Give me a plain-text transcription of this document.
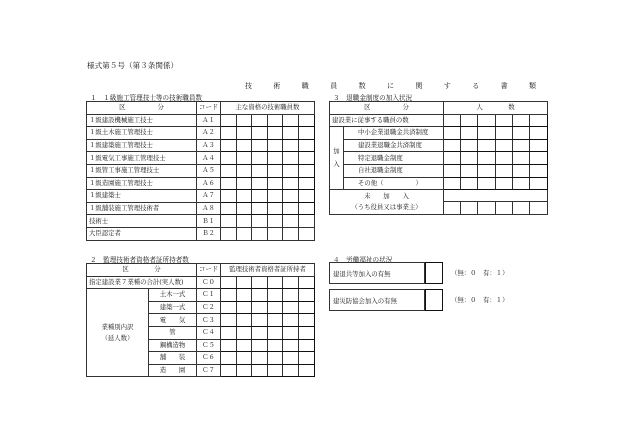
様式第５号（第３条関係）
技　術　職　員　数　に　関　す　る　書　類
１　１級施工管理技士等の技術職員数
区　　　　　分	コード	主な資格の技術職員数
１級建設機械施工技士	Ａ１	

１級土木施工管理技士	Ａ２	

１級建築施工管理技士	Ａ３	

１級電気工事施工管理技士	Ａ４	

１級管工事施工管理技士	Ａ５	

１級造園施工管理技士	Ａ６	

１級建築士	Ａ７	

１級舗装施工管理技術者	Ａ８	

技術士	Ｂ１	

大臣認定者	Ｂ２	
２　監理技術者資格者証所持者数
区　　　　分		コード	監理技術者資格者証所持者
指定建設業７業種の合計(実人数)		Ｃ０	

業種別内訳
（延人数）	土木一式	Ｃ１	

	建築一式	Ｃ２	

	電　　気	Ｃ３	

	管	Ｃ４	

	鋼構造物	Ｃ５	

	舗　　装	Ｃ６	

	造　　園	Ｃ７	
３　退職金制度の加入状況
区　　　　　分		人　　　　数
建設業に従事する職員の数		

加
入	中小企業退職金共済制度	

	建設業退職金共済制度	

	特定退職金制度	

	自社退職金制度	

	その他（　　　　　）	

未　　加　　入
（うち役員又は事業主）		

４　労働福祉の状況
建退共等加入の有無	（無：０　有：１）
建災防協会加入の有無	（無：０　有：１）
